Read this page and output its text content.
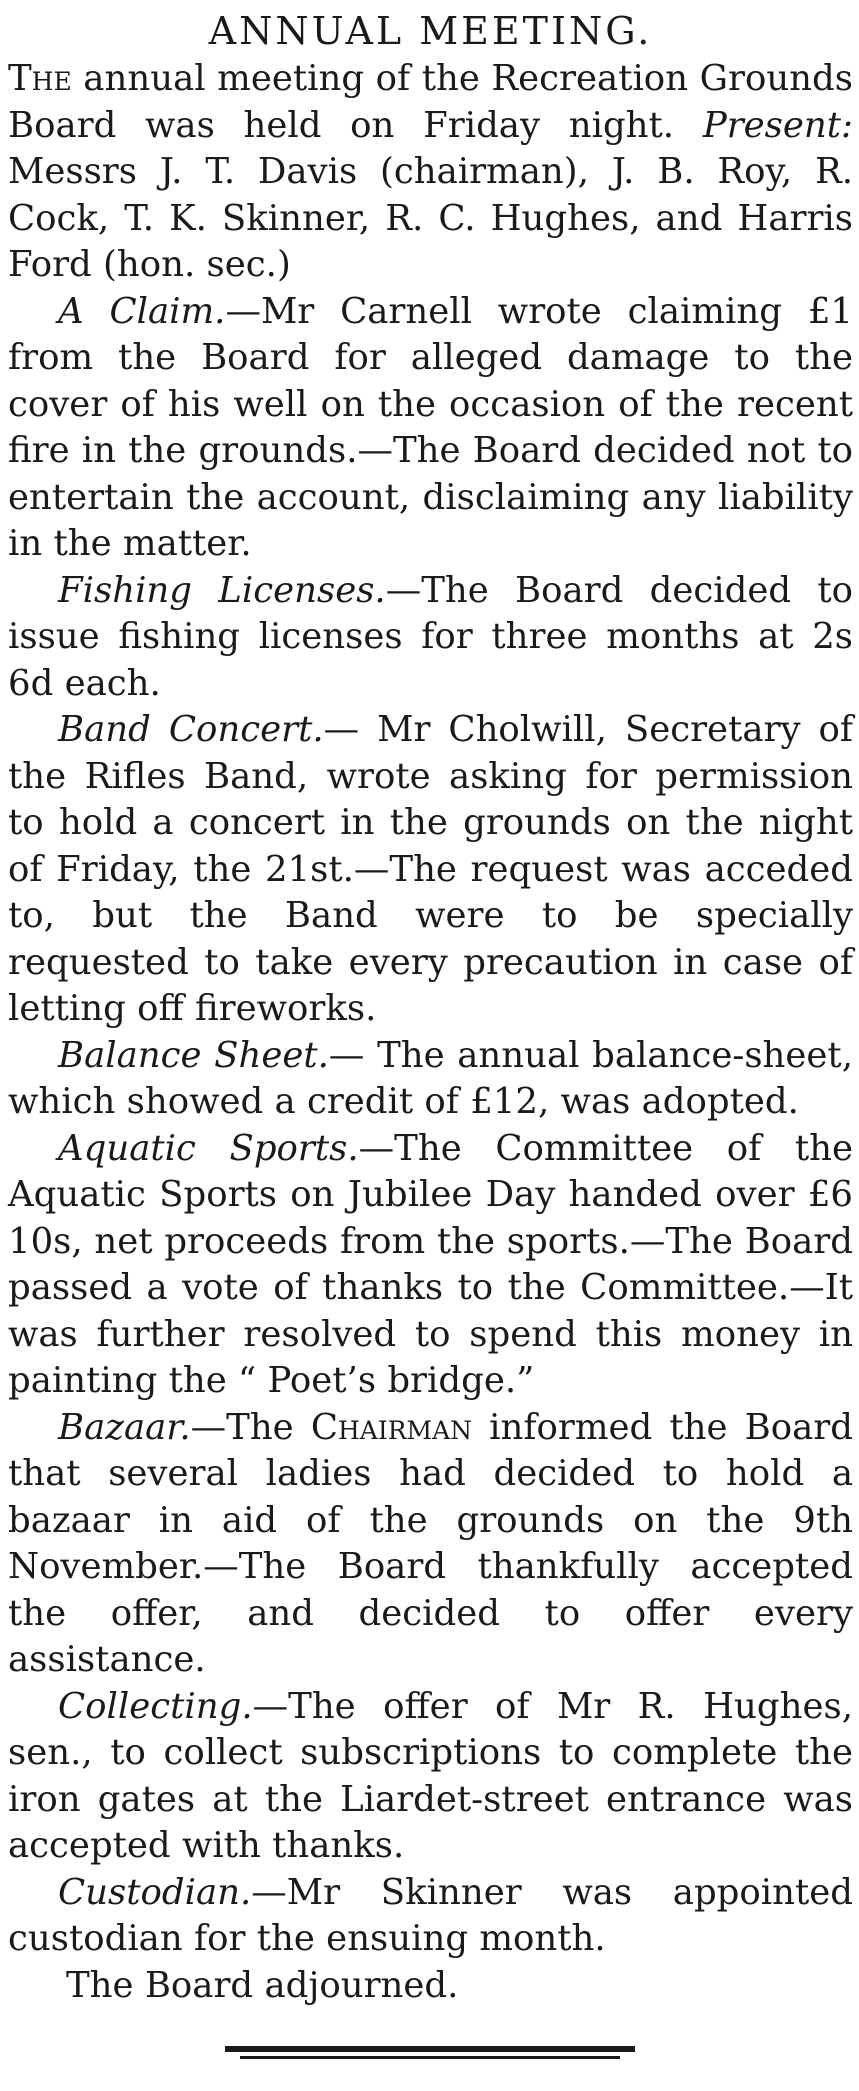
ANNUAL MEETING.

The annual meeting of the Recreation Grounds Board was held on Friday night. Present: Messrs J. T. Davis (chairman), J. B. Roy, R. Cock, T. K. Skinner, R. C. Hughes, and Harris Ford (hon. sec.)

A Claim.—Mr Carnell wrote claiming £1 from the Board for alleged damage to the cover of his well on the occasion of the recent fire in the grounds.—The Board decided not to entertain the account, disclaiming any liability in the matter.

Fishing Licenses.—The Board decided to issue fishing licenses for three months at 2s 6d each.

Band Concert.— Mr Cholwill, Secretary of the Rifles Band, wrote asking for permission to hold a concert in the grounds on the night of Friday, the 21st.—The request was acceded to, but the Band were to be specially requested to take every precaution in case of letting off fireworks.

Balance Sheet.— The annual balance-sheet, which showed a credit of £12, was adopted.

Aquatic Sports.—The Committee of the Aquatic Sports on Jubilee Day handed over £6 10s, net proceeds from the sports.—The Board passed a vote of thanks to the Committee.—It was further resolved to spend this money in painting the “ Poet’s bridge.”

Bazaar.—The Chairman informed the Board that several ladies had decided to hold a bazaar in aid of the grounds on the 9th November.—The Board thankfully accepted the offer, and decided to offer every assistance.

Collecting.—The offer of Mr R. Hughes, sen., to collect subscriptions to complete the iron gates at the Liardet-street entrance was accepted with thanks.

Custodian.—Mr Skinner was appointed custodian for the ensuing month.

The Board adjourned.
